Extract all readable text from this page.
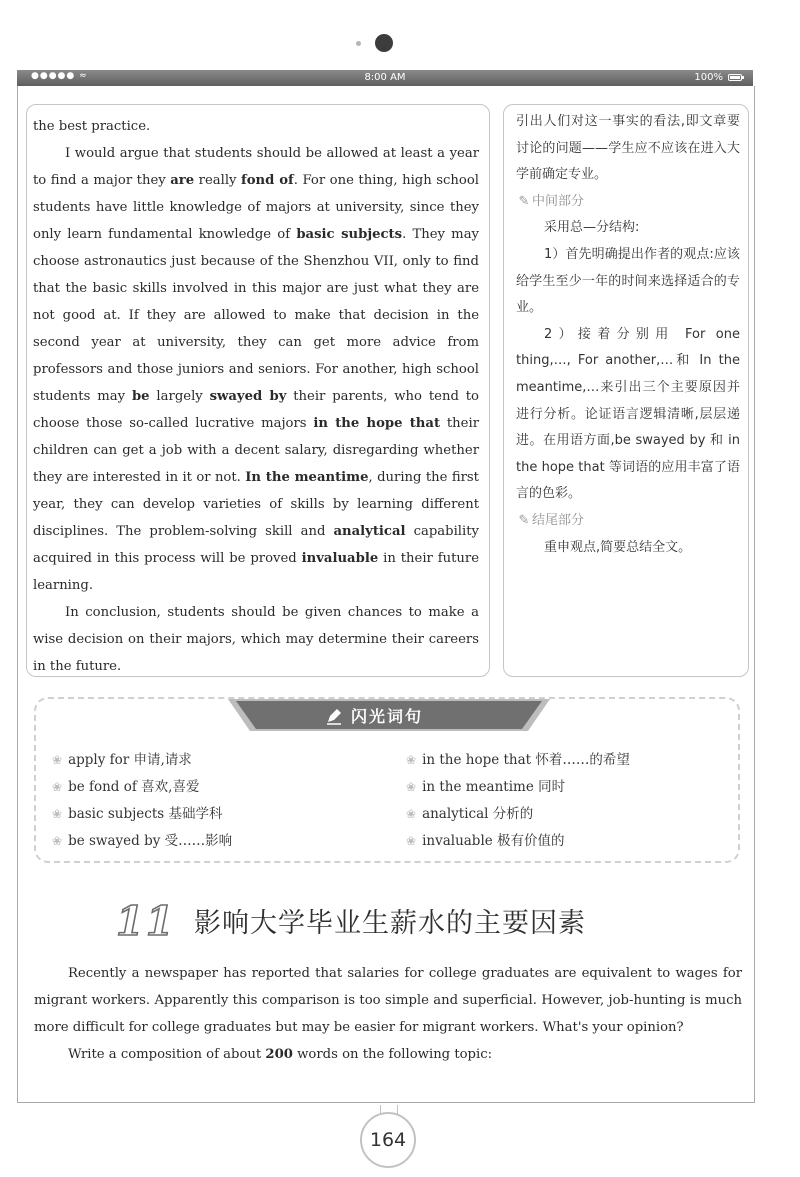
●●●●● ≈	8:00 AM	100%

the best practice.

I would argue that students should be allowed at least a year to find a major they are really fond of. For one thing, high school students have little knowledge of majors at university, since they only learn fundamental knowledge of basic subjects. They may choose astronautics just because of the Shenzhou VII, only to find that the basic skills involved in this major are just what they are not good at. If they are allowed to make that decision in the second year at university, they can get more advice from professors and those juniors and seniors. For another, high school students may be largely swayed by their parents, who tend to choose those so-called lucrative majors in the hope that their children can get a job with a decent salary, disregarding whether they are interested in it or not. In the meantime, during the first year, they can develop varieties of skills by learning different disciplines. The problem-solving skill and analytical capability acquired in this process will be proved invaluable in their future learning.

In conclusion, students should be given chances to make a wise decision on their majors, which may determine their careers in the future.

引出人们对这一事实的看法,即文章要讨论的问题——学生应不应该在进入大学前确定专业。

✎ 中间部分

采用总—分结构:

1）首先明确提出作者的观点:应该给学生至少一年的时间来选择适合的专业。

2）接着分别用 For one thing,…, For another,…和 In the meantime,…来引出三个主要原因并进行分析。论证语言逻辑清晰,层层递进。在用语方面,be swayed by 和 in the hope that 等词语的应用丰富了语言的色彩。

✎ 结尾部分

重申观点,简要总结全文。

闪光词句
❀ apply for 申请,请求
❀ be fond of 喜欢,喜爱
❀ basic subjects 基础学科
❀ be swayed by 受……影响
❀ in the hope that 怀着……的希望
❀ in the meantime 同时
❀ analytical 分析的
❀ invaluable 极有价值的
11 影响大学毕业生薪水的主要因素

Recently a newspaper has reported that salaries for college graduates are equivalent to wages for migrant workers. Apparently this comparison is too simple and superficial. However, job-hunting is much more difficult for college graduates but may be easier for migrant workers. What's your opinion?

Write a composition of about 200 words on the following topic:

164
